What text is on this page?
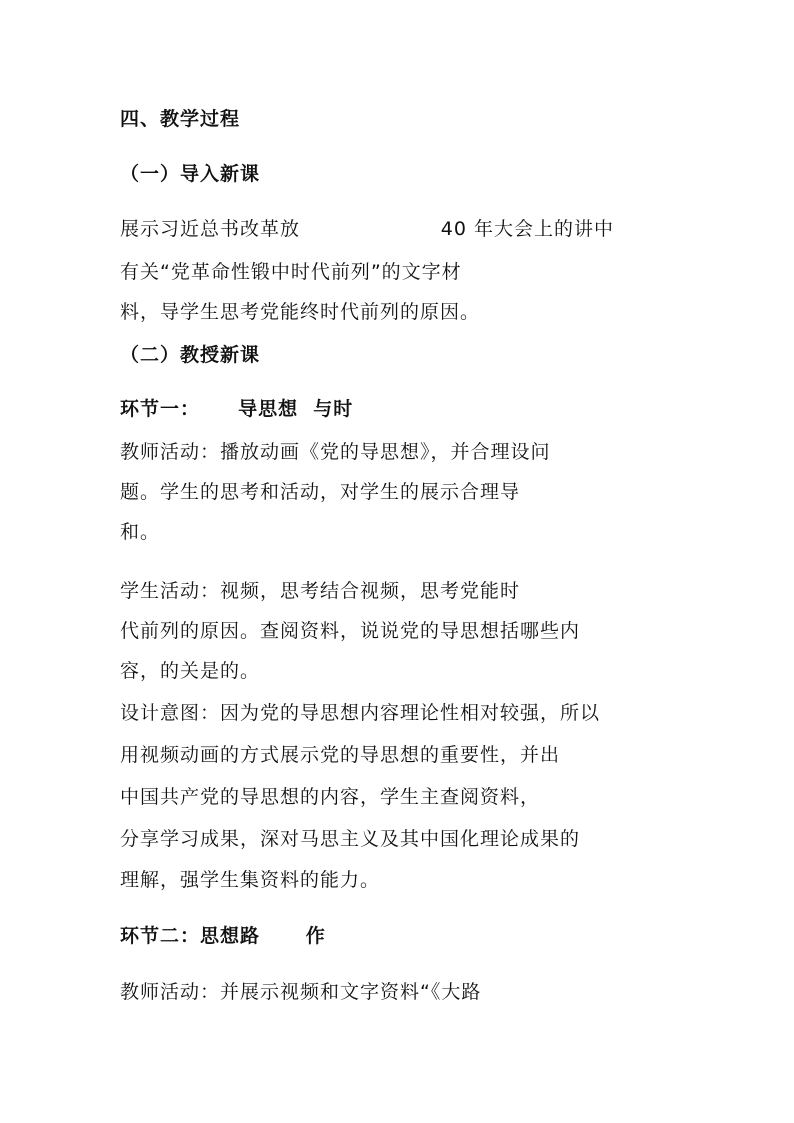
四、教学过程
（一）导入新课
展示习近总书改革放                    40 年大会上的讲中
有关“党革命性锻中时代前列”的文字材
料，导学生思考党能终时代前列的原因。
（二）教授新课
环节一：     导思想  与时
教师活动：播放动画《党的导思想》，并合理设问
题。学生的思考和活动，对学生的展示合理导
和。
学生活动：视频，思考结合视频，思考党能时
代前列的原因。查阅资料，说说党的导思想括哪些内
容，的关是的。
设计意图：因为党的导思想内容理论性相对较强，所以
用视频动画的方式展示党的导思想的重要性，并出
中国共产党的导思想的内容，学生主查阅资料，
分享学习成果，深对马思主义及其中国化理论成果的
理解，强学生集资料的能力。
环节二：思想路      作
教师活动：并展示视频和文字资料“《大路
